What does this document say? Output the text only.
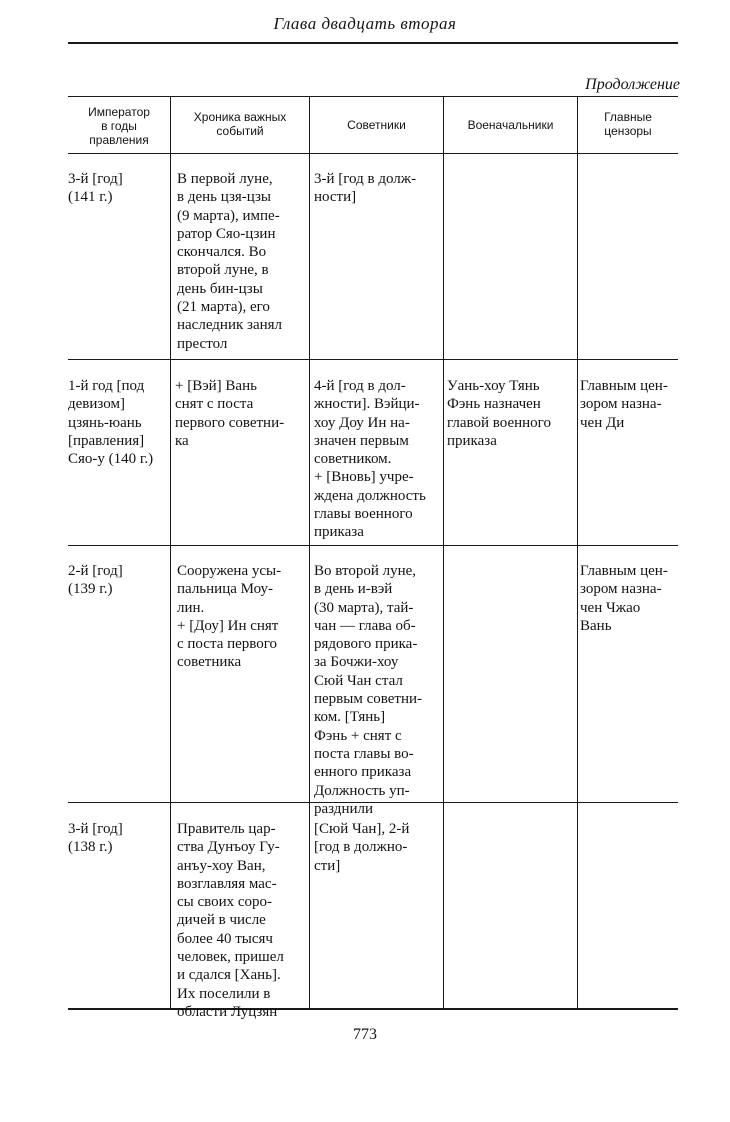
Глава двадцать вторая
Продолжение
Император
в годы
правления
Хроника важных
событий	Советники	Военачальники
Главные
цензоры
3-й [год]
(141 г.)
В первой луне,
в день цзя-цзы
(9 марта), импе-
ратор Сяо-цзин
скончался. Во
второй луне, в
день бин-цзы
(21 марта), его
наследник занял
престол
3-й [год в долж-
ности]
1-й год [под
девизом]
цзянь-юань
[правления]
Сяо-у (140 г.)
+ [Вэй] Вань
снят с поста
первого советни-
ка
4-й [год в дол-
жности]. Вэйци-
хоу Доу Ин на-
значен первым
советником.
+ [Вновь] учре-
ждена должность
главы военного
приказа
Уань-хоу Тянь
Фэнь назначен
главой военного
приказа
Главным цен-
зором назна-
чен Ди
2-й [год]
(139 г.)
Сооружена усы-
пальница Моу-
лин.
+ [Доу] Ин снят
с поста первого
советника
Во второй луне,
в день и-вэй
(30 марта), тай-
чан — глава об-
рядового прика-
за Бочжи-хоу
Сюй Чан стал
первым советни-
ком. [Тянь]
Фэнь + снят с
поста главы во-
енного приказа
Должность уп-
разднили
Главным цен-
зором назна-
чен Чжао
Вань
3-й [год]
(138 г.)
Правитель цар-
ства Дунъоу Гу-
анъу-хоу Ван,
возглавляя мас-
сы своих соро-
дичей в числе
более 40 тысяч
человек, пришел
и сдался [Хань].
Их поселили в
области Луцзян
[Сюй Чан], 2-й
[год в должно-
сти]
773
